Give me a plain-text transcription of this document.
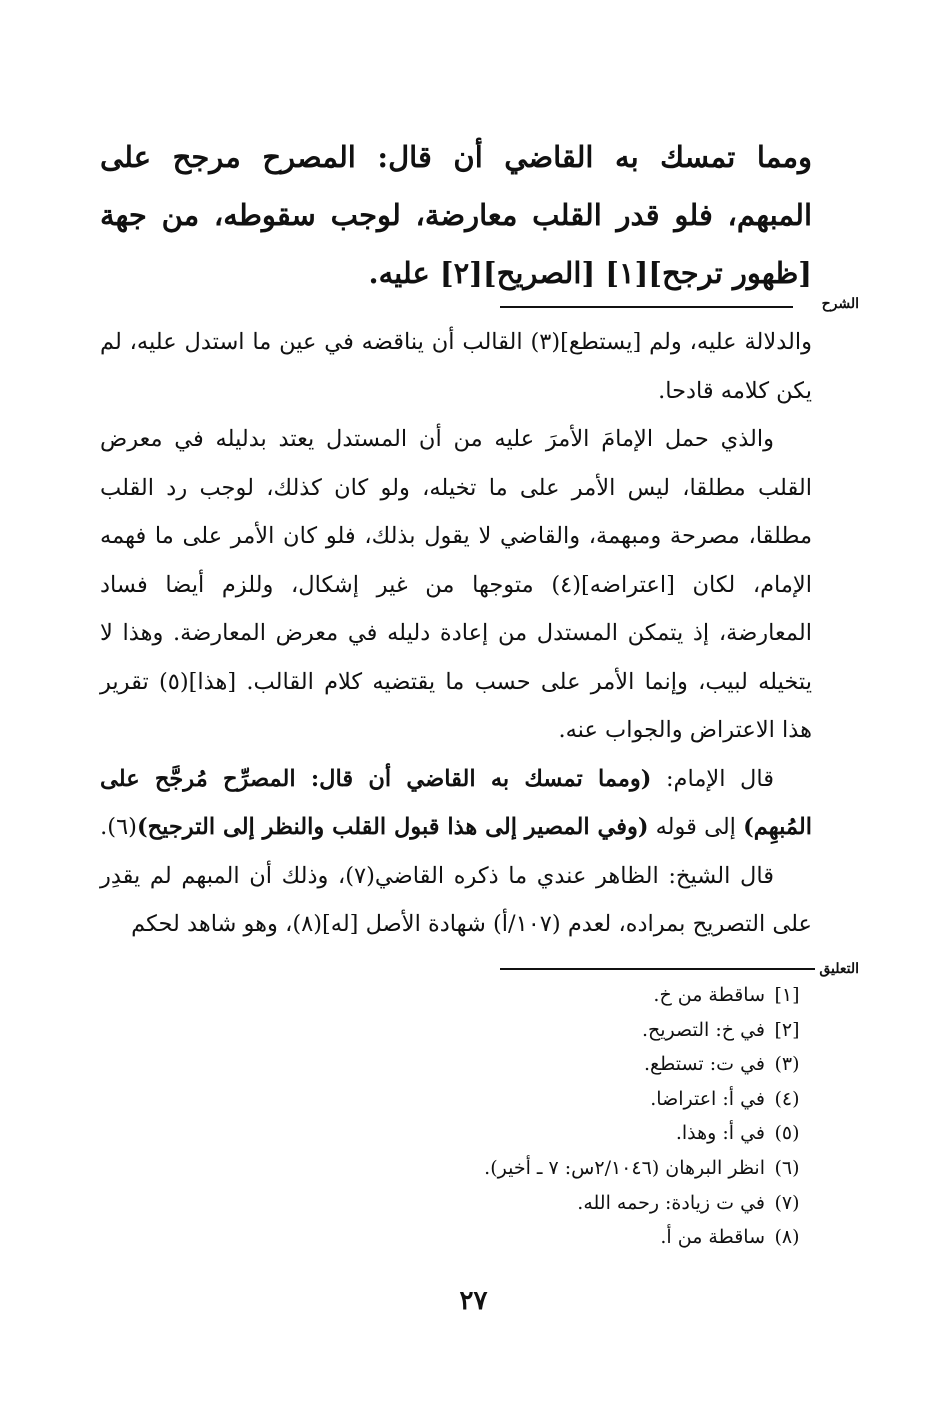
ومما تمسك به القاضي أن قال: المصرح مرجح على المبهم، فلو قدر القلب معارضة، لوجب سقوطه، من جهة [ظهور ترجح][١] [الصريح][٢] عليه.
الشرح

والدلالة عليه، ولم [يستطع](٣) القالب أن يناقضه في عين ما استدل عليه، لم يكن كلامه قادحا.

والذي حمل الإمامَ الأمرَ عليه من أن المستدل يعتد بدليله في معرض القلب مطلقا، ليس الأمر على ما تخيله، ولو كان كذلك، لوجب رد القلب مطلقا، مصرحة ومبهمة، والقاضي لا يقول بذلك، فلو كان الأمر على ما فهمه الإمام، لكان [اعتراضه](٤) متوجها من غير إشكال، وللزم أيضا فساد المعارضة، إذ يتمكن المستدل من إعادة دليله في معرض المعارضة. وهذا لا يتخيله لبيب، وإنما الأمر على حسب ما يقتضيه كلام القالب. [هذا](٥) تقرير هذا الاعتراض والجواب عنه.

قال الإمام: (ومما تمسك به القاضي أن قال: المصرِّح مُرجَّح على المُبهِم) إلى قوله (وفي المصير إلى هذا قبول القلب والنظر إلى الترجيح)(٦).

قال الشيخ: الظاهر عندي ما ذكره القاضي(٧)، وذلك أن المبهم لم يقدِر على التصريح بمراده، لعدم (١٠٧/أ) شهادة الأصل [له](٨)، وهو شاهد لحكم

التعليق
[١]
ساقطة من خ.
[٢]
في خ: التصريح.
(٣)
في ت: تستطع.
(٤)
في أ: اعتراضا.
(٥)
في أ: وهذا.
(٦)
انظر البرهان (٢/١٠٤٦س: ٧ ـ أخير).
(٧)
في ت زيادة: رحمه الله.
(٨)
ساقطة من أ.
٢٧
